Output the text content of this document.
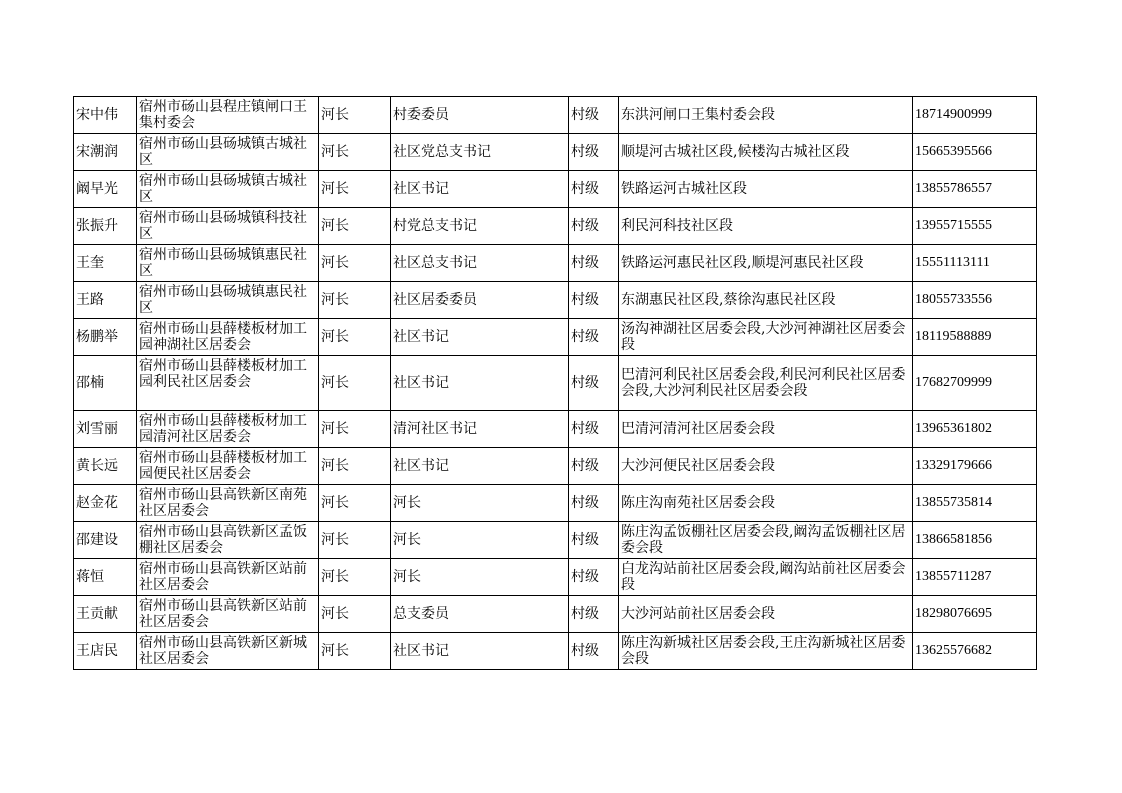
宋中伟	宿州市砀山县程庄镇闸口王集村委会	河长	村委委员	村级	东洪河闸口王集村委会段	18714900999
宋潮润	宿州市砀山县砀城镇古城社区	河长	社区党总支书记	村级	顺堤河古城社区段,候楼沟古城社区段	15665395566
阚早光	宿州市砀山县砀城镇古城社区	河长	社区书记	村级	铁路运河古城社区段	13855786557
张振升	宿州市砀山县砀城镇科技社区	河长	村党总支书记	村级	利民河科技社区段	13955715555
王奎	宿州市砀山县砀城镇惠民社区	河长	社区总支书记	村级	铁路运河惠民社区段,顺堤河惠民社区段	15551113111
王路	宿州市砀山县砀城镇惠民社区	河长	社区居委委员	村级	东湖惠民社区段,蔡徐沟惠民社区段	18055733556
杨鹏举	宿州市砀山县薛楼板材加工园神湖社区居委会	河长	社区书记	村级	汤沟神湖社区居委会段,大沙河神湖社区居委会段	18119588889
邵楠	宿州市砀山县薛楼板材加工园利民社区居委会	河长	社区书记	村级	巴清河利民社区居委会段,利民河利民社区居委会段,大沙河利民社区居委会段	17682709999
刘雪丽	宿州市砀山县薛楼板材加工园清河社区居委会	河长	清河社区书记	村级	巴清河清河社区居委会段	13965361802
黄长远	宿州市砀山县薛楼板材加工园便民社区居委会	河长	社区书记	村级	大沙河便民社区居委会段	13329179666
赵金花	宿州市砀山县高铁新区南苑社区居委会	河长	河长	村级	陈庄沟南苑社区居委会段	13855735814
邵建设	宿州市砀山县高铁新区孟饭棚社区居委会	河长	河长	村级	陈庄沟孟饭棚社区居委会段,阚沟孟饭棚社区居委会段	13866581856
蒋恒	宿州市砀山县高铁新区站前社区居委会	河长	河长	村级	白龙沟站前社区居委会段,阚沟站前社区居委会段	13855711287
王贡献	宿州市砀山县高铁新区站前社区居委会	河长	总支委员	村级	大沙河站前社区居委会段	18298076695
王店民	宿州市砀山县高铁新区新城社区居委会	河长	社区书记	村级	陈庄沟新城社区居委会段,王庄沟新城社区居委会段	13625576682
